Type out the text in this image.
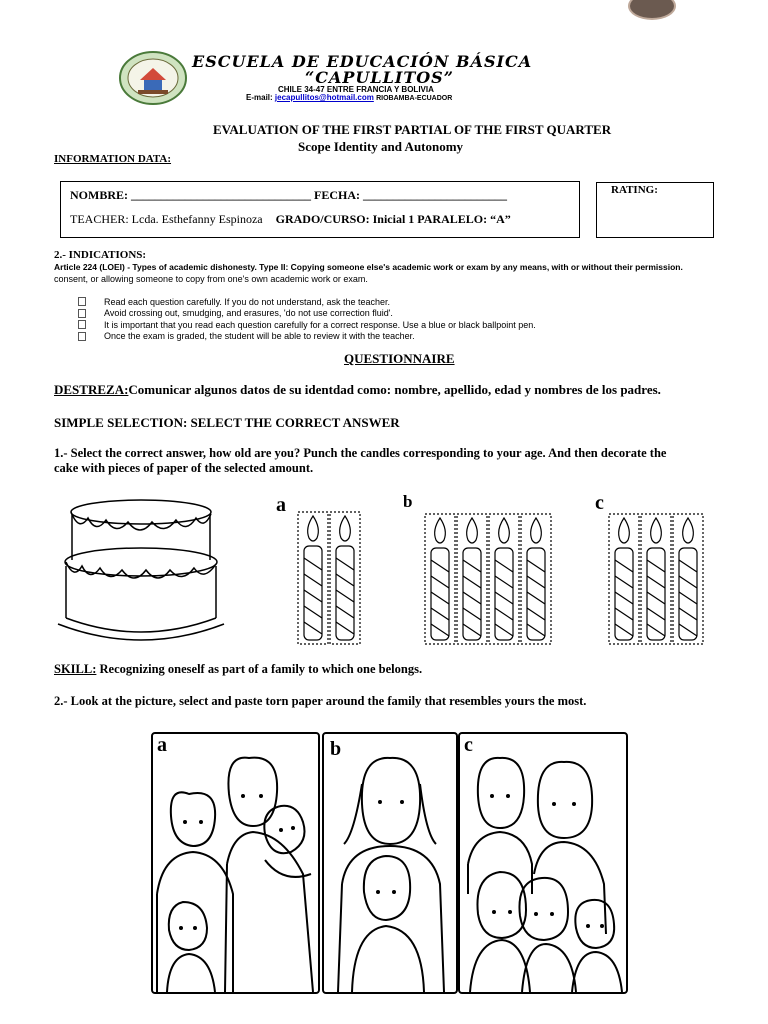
ESCUELA DE EDUCACIÓN BÁSICA
“CAPULLITOS”
CHILE 34-47 ENTRE FRANCIA Y BOLIVIA
E-mail: jecapullitos@hotmail.com RIOBAMBA-ECUADOR
EVALUATION OF THE FIRST PARTIAL OF THE FIRST QUARTER
Scope Identity and Autonomy
INFORMATION DATA:
NOMBRE: ______________________________ FECHA: ________________________
TEACHER: Lcda. Esthefanny Espinoza GRADO/CURSO: Inicial 1 PARALELO: “A”
RATING:
2.- INDICATIONS:
Article 224 (LOEI) - Types of academic dishonesty. Type II: Copying someone else's academic work or exam by any means, with or without their permission.
consent, or allowing someone to copy from one's own academic work or exam.
Read each question carefully. If you do not understand, ask the teacher.
Avoid crossing out, smudging, and erasures, 'do not use correction fluid'.
It is important that you read each question carefully for a correct response. Use a blue or black ballpoint pen.
Once the exam is graded, the student will be able to review it with the teacher.
QUESTIONNAIRE
DESTREZA:Comunicar algunos datos de su identdad como: nombre, apellido, edad y nombres de los padres.
SIMPLE SELECTION: SELECT THE CORRECT ANSWER
1.- Select the correct answer, how old are you? Punch the candles corresponding to your age. And then decorate the
cake with pieces of paper of the selected amount.
a	b	c
SKILL: Recognizing oneself as part of a family to which one belongs.
2.- Look at the picture, select and paste torn paper around the family that resembles yours the most.
a	b	c
